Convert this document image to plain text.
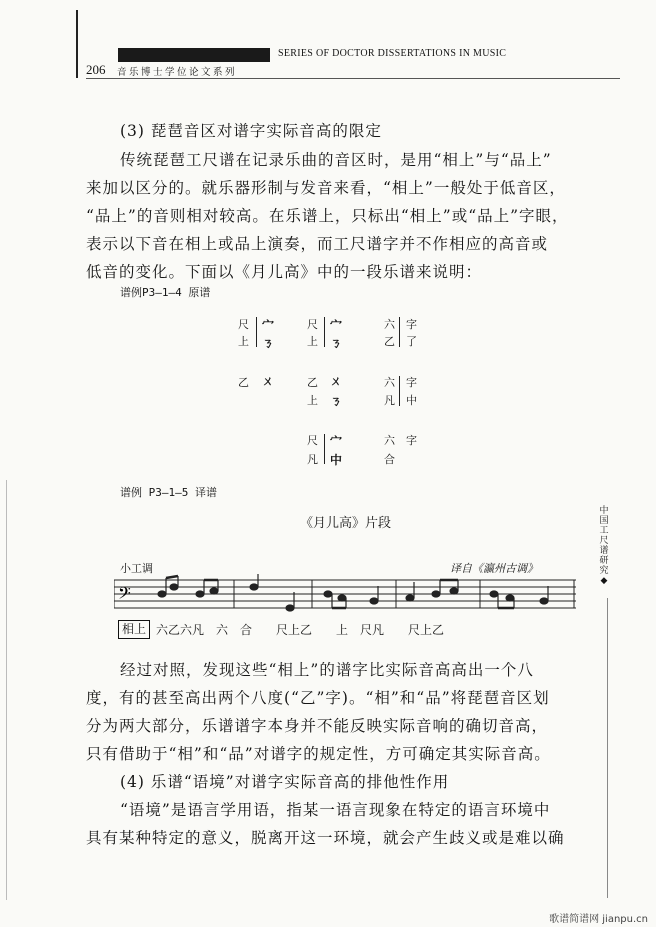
SERIES OF DOCTOR DISSERTATIONS IN MUSIC
206 音乐博士学位论文系列
(3) 琵琶音区对谱字实际音高的限定
传统琵琶工尺谱在记录乐曲的音区时，是用“相上”与“品上”
来加以区分的。就乐器形制与发音来看，“相上”一般处于低音区，
“品上”的音则相对较高。在乐谱上，只标出“相上”或“品上”字眼，
表示以下音在相上或品上演奏，而工尺谱字并不作相应的高音或
低音的变化。下面以《月儿高》中的一段乐谱来说明：
谱例P3—1—4 原谱
尺
上
宀
ㄋ
尺
上
宀
ㄋ
六
乙
字
了
乙 ㄨ	乙
上
ㄨ
ㄋ
六
凡
字
中
尺
凡
宀
中
六
合
字
谱例 P3—1—5 译谱
《月儿高》片段
小工调	译自《瀛州古调》
𝄢
相上 六乙六凡　六　合　　尺上乙　　上　尺凡　　尺上乙
经过对照，发现这些“相上”的谱字比实际音高高出一个八
度，有的甚至高出两个八度(“乙”字)。“相”和“品”将琵琶音区划
分为两大部分，乐谱谱字本身并不能反映实际音响的确切音高，
只有借助于“相”和“品”对谱字的规定性，方可确定其实际音高。
(4) 乐谱“语境”对谱字实际音高的排他性作用
“语境”是语言学用语，指某一语言现象在特定的语言环境中
具有某种特定的意义，脱离开这一环境，就会产生歧义或是难以确
中国工尺谱研究◆
歌谱简谱网 jianpu.cn
